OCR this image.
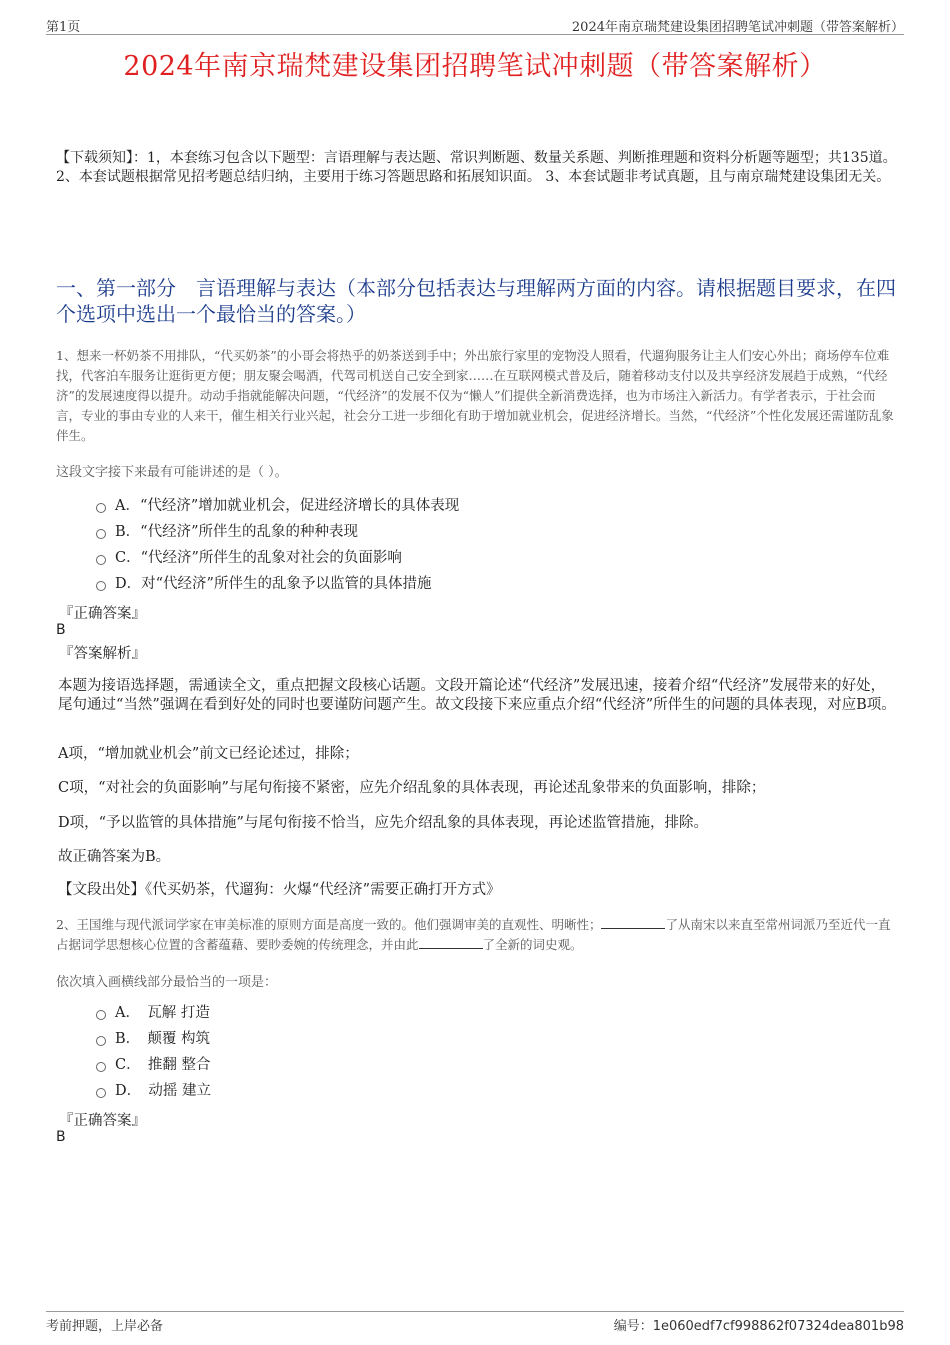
第1页	2024年南京瑞梵建设集团招聘笔试冲刺题（带答案解析）
2024年南京瑞梵建设集团招聘笔试冲刺题（带答案解析）
【下载须知】：1，本套练习包含以下题型：言语理解与表达题、常识判断题、数量关系题、判断推理题和资料分析题等题型；共135道。 2、本套试题根据常见招考题总结归纳，主要用于练习答题思路和拓展知识面。 3、本套试题非考试真题，且与南京瑞梵建设集团无关。
一、第一部分　言语理解与表达（本部分包括表达与理解两方面的内容。请根据题目要求，在四个选项中选出一个最恰当的答案。）
1、想来一杯奶茶不用排队，“代买奶茶”的小哥会将热乎的奶茶送到手中；外出旅行家里的宠物没人照看，代遛狗服务让主人们安心外出；商场停车位难找，代客泊车服务让逛街更方便；朋友聚会喝酒，代驾司机送自己安全到家……在互联网模式普及后，随着移动支付以及共享经济发展趋于成熟，“代经济”的发展速度得以提升。动动手指就能解决问题，“代经济”的发展不仅为“懒人”们提供全新消费选择，也为市场注入新活力。有学者表示，于社会而言，专业的事由专业的人来干，催生相关行业兴起，社会分工进一步细化有助于增加就业机会，促进经济增长。当然，“代经济”个性化发展还需谨防乱象伴生。
这段文字接下来最有可能讲述的是（ ）。
A．“代经济”增加就业机会，促进经济增长的具体表现
B．“代经济”所伴生的乱象的种种表现
C．“代经济”所伴生的乱象对社会的负面影响
D．对“代经济”所伴生的乱象予以监管的具体措施
『正确答案』
B
『答案解析』
本题为接语选择题，需通读全文，重点把握文段核心话题。文段开篇论述“代经济”发展迅速，接着介绍“代经济”发展带来的好处，尾句通过“当然”强调在看到好处的同时也要谨防问题产生。故文段接下来应重点介绍“代经济”所伴生的问题的具体表现，对应B项。
A项，“增加就业机会”前文已经论述过，排除；
C项，“对社会的负面影响”与尾句衔接不紧密，应先介绍乱象的具体表现，再论述乱象带来的负面影响，排除；
D项，“予以监管的具体措施”与尾句衔接不恰当，应先介绍乱象的具体表现，再论述监管措施，排除。
故正确答案为B。
【文段出处】《代买奶茶，代遛狗：火爆“代经济”需要正确打开方式》
2、王国维与现代派词学家在审美标准的原则方面是高度一致的。他们强调审美的直观性、明晰性；	了从南宋以来直至常州词派乃至近代一直占据词学思想核心位置的含蓄蕴藉、要眇委婉的传统理念，并由此	了全新的词史观。
依次填入画横线部分最恰当的一项是：
A．　瓦解 打造
B．　颠覆 构筑
C．　推翻 整合
D．　动摇 建立
『正确答案』
B
考前押题，上岸必备	编号：1e060edf7cf998862f07324dea801b98
